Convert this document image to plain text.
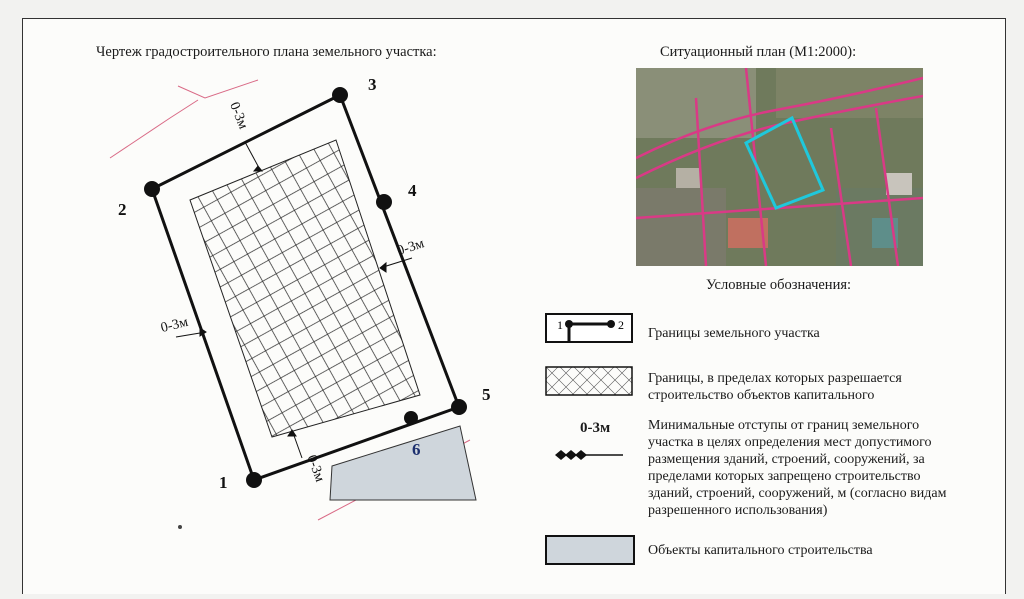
Чертеж градостроительного плана земельного участка:	Ситуационный план (М1:2000):
1
2
3
4
5
6
0-3м
0-3м
0-3м
0-3м
Условные обозначения:
1	2
Границы земельного участка
Границы, в пределах которых разрешается
строительство объектов капитального
0-3м	Минимальные отступы от границ земельного
участка в целях определения мест допустимого
размещения зданий, строений, сооружений, за
пределами которых запрещено строительство
зданий, строений, сооружений, м (согласно видам
разрешенного использования)
Объекты капитального строительства
